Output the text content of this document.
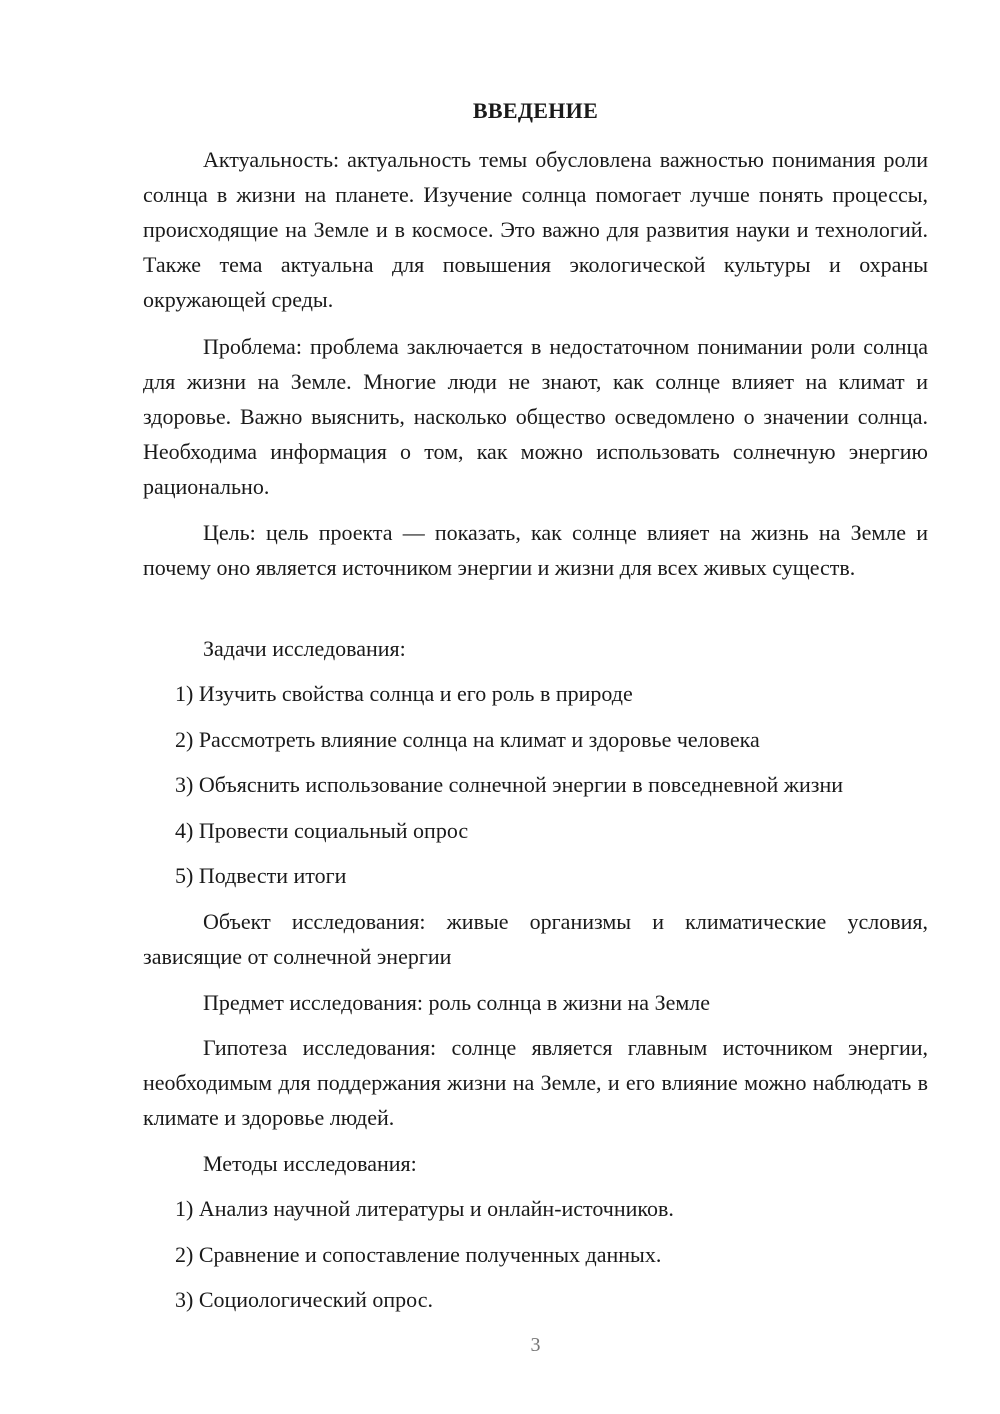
ВВЕДЕНИЕ
Актуальность: актуальность темы обусловлена важностью понимания роли солнца в жизни на планете. Изучение солнца помогает лучше понять процессы, происходящие на Земле и в космосе. Это важно для развития науки и технологий. Также тема актуальна для повышения экологической культуры и охраны окружающей среды.
Проблема: проблема заключается в недостаточном понимании роли солнца для жизни на Земле. Многие люди не знают, как солнце влияет на климат и здоровье. Важно выяснить, насколько общество осведомлено о значении солнца. Необходима информация о том, как можно использовать солнечную энергию рационально.
Цель: цель проекта — показать, как солнце влияет на жизнь на Земле и почему оно является источником энергии и жизни для всех живых существ.
Задачи исследования:
1) Изучить свойства солнца и его роль в природе
2) Рассмотреть влияние солнца на климат и здоровье человека
3) Объяснить использование солнечной энергии в повседневной жизни
4) Провести социальный опрос
5) Подвести итоги
Объект исследования: живые организмы и климатические условия, зависящие от солнечной энергии
Предмет исследования: роль солнца в жизни на Земле
Гипотеза исследования: солнце является главным источником энергии, необходимым для поддержания жизни на Земле, и его влияние можно наблюдать в климате и здоровье людей.
Методы исследования:
1) Анализ научной литературы и онлайн-источников.
2) Сравнение и сопоставление полученных данных.
3) Социологический опрос.
3
